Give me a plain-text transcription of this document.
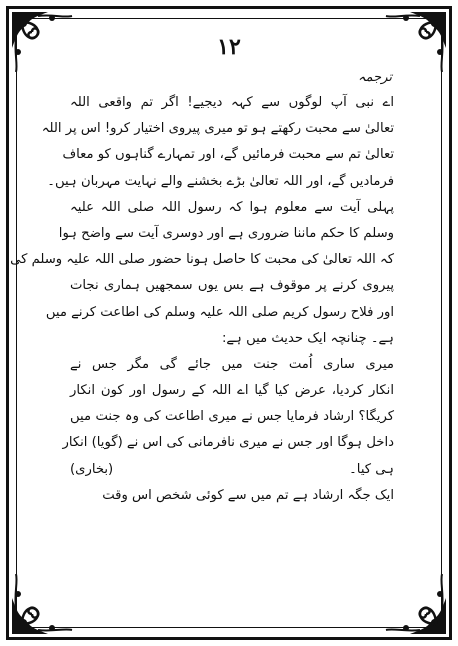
۱۲
ترجمہ
اے نبی آپ لوگوں سے کہہ دیجیے! اگر تم واقعی اللہ
تعالیٰ سے محبت رکھتے ہو تو میری پیروی اختیار کرو! اس پر اللہ
تعالیٰ تم سے محبت فرمائیں گے، اور تمہارے گناہوں کو معاف
فرمادیں گے، اور اللہ تعالیٰ بڑے بخشنے والے نہایت مہربان ہیں۔
پہلی آیت سے معلوم ہوا کہ رسول اللہ صلی اللہ علیہ
وسلم کا حکم ماننا ضروری ہے اور دوسری آیت سے واضح ہوا
کہ اللہ تعالیٰ کی محبت کا حاصل ہونا حضور صلی اللہ علیہ وسلم کی
پیروی کرنے پر موقوف ہے بس یوں سمجھیں ہماری نجات
اور فلاح رسول کریم صلی اللہ علیہ وسلم کی اطاعت کرنے میں
ہے۔ چنانچہ ایک حدیث میں ہے:
میری ساری اُمت جنت میں جائے گی مگر جس نے
انکار کردیا، عرض کیا گیا اے اللہ کے رسول اور کون انکار
کریگا؟ ارشاد فرمایا جس نے میری اطاعت کی وہ جنت میں
داخل ہوگا اور جس نے میری نافرمانی کی اس نے (گویا) انکار
ہی کیا۔
(بخاری)
ایک جگہ ارشاد ہے تم میں سے کوئی شخص اس وقت
